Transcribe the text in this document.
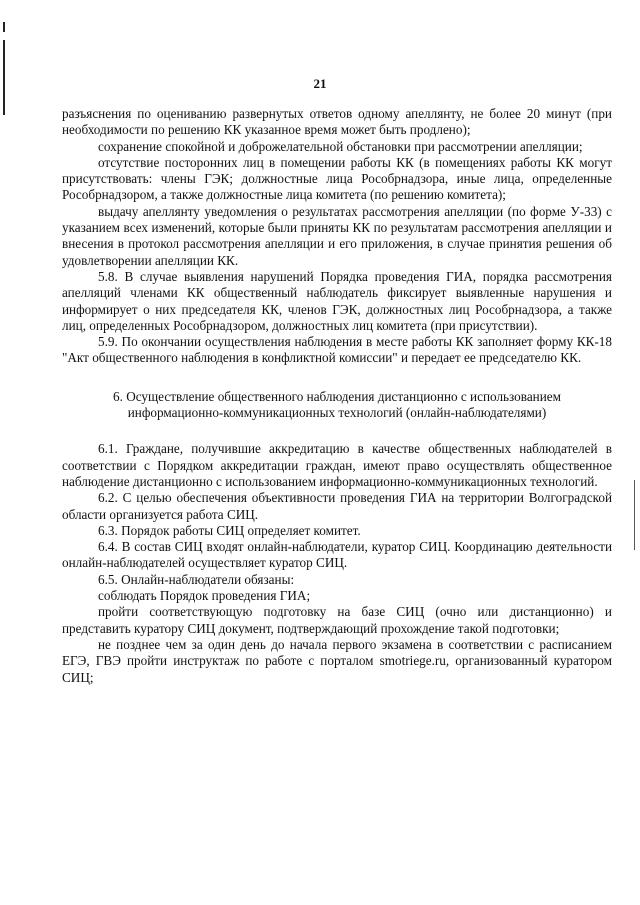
21

разъяснения по оцениванию развернутых ответов одному апеллянту, не более 20 минут (при необходимости по решению КК указанное время может быть продлено);

сохранение спокойной и доброжелательной обстановки при рассмотрении апелляции;

отсутствие посторонних лиц в помещении работы КК (в помещениях работы КК могут присутствовать: члены ГЭК; должностные лица Рособрнадзора, иные лица, определенные Рособрнадзором, а также должностные лица комитета (по решению комитета);

выдачу апеллянту уведомления о результатах рассмотрения апелляции (по форме У-33) с указанием всех изменений, которые были приняты КК по результатам рассмотрения апелляции и внесения в протокол рассмотрения апелляции и его приложения, в случае принятия решения об удовлетворении апелляции КК.

5.8. В случае выявления нарушений Порядка проведения ГИА, порядка рассмотрения апелляций членами КК общественный наблюдатель фиксирует выявленные нарушения и информирует о них председателя КК, членов ГЭК, должностных лиц Рособрнадзора, а также лиц, определенных Рособрнадзором, должностных лиц комитета (при присутствии).

5.9. По окончании осуществления наблюдения в месте работы КК заполняет форму КК-18 "Акт общественного наблюдения в конфликтной комиссии" и передает ее председателю КК.

6. Осуществление общественного наблюдения дистанционно с использованием информационно-коммуникационных технологий (онлайн-наблюдателями)

6.1. Граждане, получившие аккредитацию в качестве общественных наблюдателей в соответствии с Порядком аккредитации граждан, имеют право осуществлять общественное наблюдение дистанционно с использованием информационно-коммуникационных технологий.

6.2. С целью обеспечения объективности проведения ГИА на территории Волгоградской области организуется работа СИЦ.

6.3. Порядок работы СИЦ определяет комитет.

6.4. В состав СИЦ входят онлайн-наблюдатели, куратор СИЦ. Координацию деятельности онлайн-наблюдателей осуществляет куратор СИЦ.

6.5. Онлайн-наблюдатели обязаны:

соблюдать Порядок проведения ГИА;

пройти соответствующую подготовку на базе СИЦ (очно или дистанционно) и представить куратору СИЦ документ, подтверждающий прохождение такой подготовки;

не позднее чем за один день до начала первого экзамена в соответствии с расписанием ЕГЭ, ГВЭ пройти инструктаж по работе с порталом smotriege.ru, организованный куратором СИЦ;
